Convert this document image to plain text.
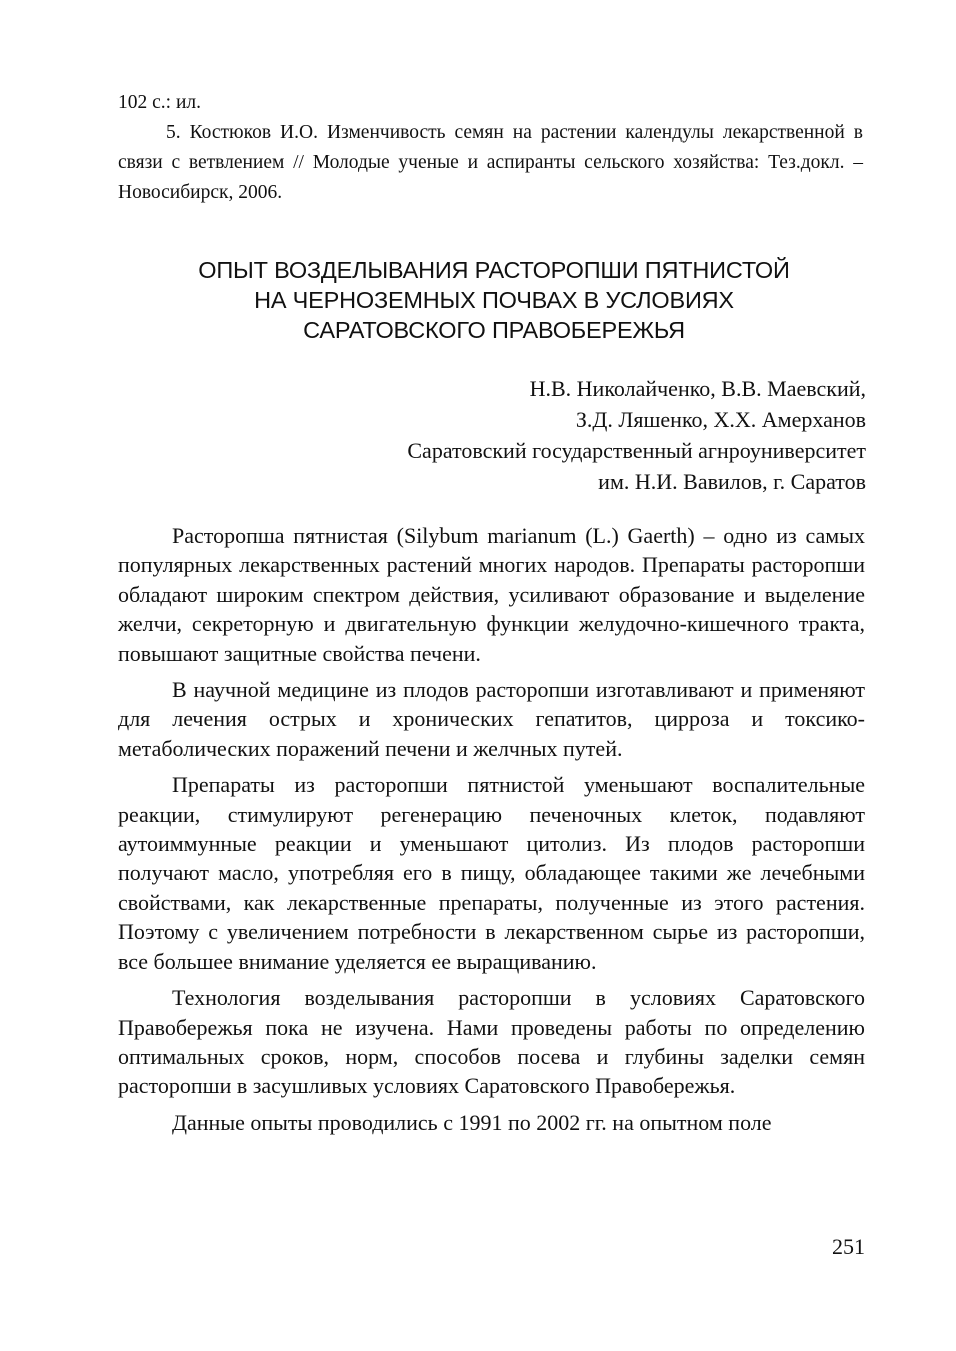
102 с.: ил.

5. Костюков И.О. Изменчивость семян на растении календулы лекарственной в связи с ветвлением // Молодые ученые и аспиранты сельского хозяйства: Тез.докл. – Новосибирск, 2006.

ОПЫТ ВОЗДЕЛЫВАНИЯ РАСТОРОПШИ ПЯТНИСТОЙ
НА ЧЕРНОЗЕМНЫХ ПОЧВАХ В УСЛОВИЯХ
САРАТОВСКОГО ПРАВОБЕРЕЖЬЯ
Н.В. Николайченко, В.В. Маевский,
З.Д. Ляшенко, Х.Х. Амерханов
Саратовский государственный агнроуниверситет
им. Н.И. Вавилов, г. Саратов

Расторопша пятнистая (Silybum marianum (L.) Gaerth) – одно из самых популярных лекарственных растений многих народов. Препараты расторопши обладают широким спектром действия, усиливают образование и выделение желчи, секреторную и двигательную функции желудочно-кишечного тракта, повышают защитные свойства печени.

В научной медицине из плодов расторопши изготавливают и применяют для лечения острых и хронических гепатитов, цирроза и токсико-метаболических поражений печени и желчных путей.

Препараты из расторопши пятнистой уменьшают воспалительные реакции, стимулируют регенерацию печеночных клеток, подавляют аутоиммунные реакции и уменьшают цитолиз. Из плодов расторопши получают масло, употребляя его в пищу, обладающее такими же лечебными свойствами, как лекарственные препараты, полученные из этого растения. Поэтому с увеличением потребности в лекарственном сырье из расторопши, все большее внимание уделяется ее выращиванию.

Технология возделывания расторопши в условиях Саратовского Правобережья пока не изучена. Нами проведены работы по определению оптимальных сроков, норм, способов посева и глубины заделки семян расторопши в засушливых условиях Саратовского Правобережья.

Данные опыты проводились с 1991 по 2002 гг. на опытном поле

251
